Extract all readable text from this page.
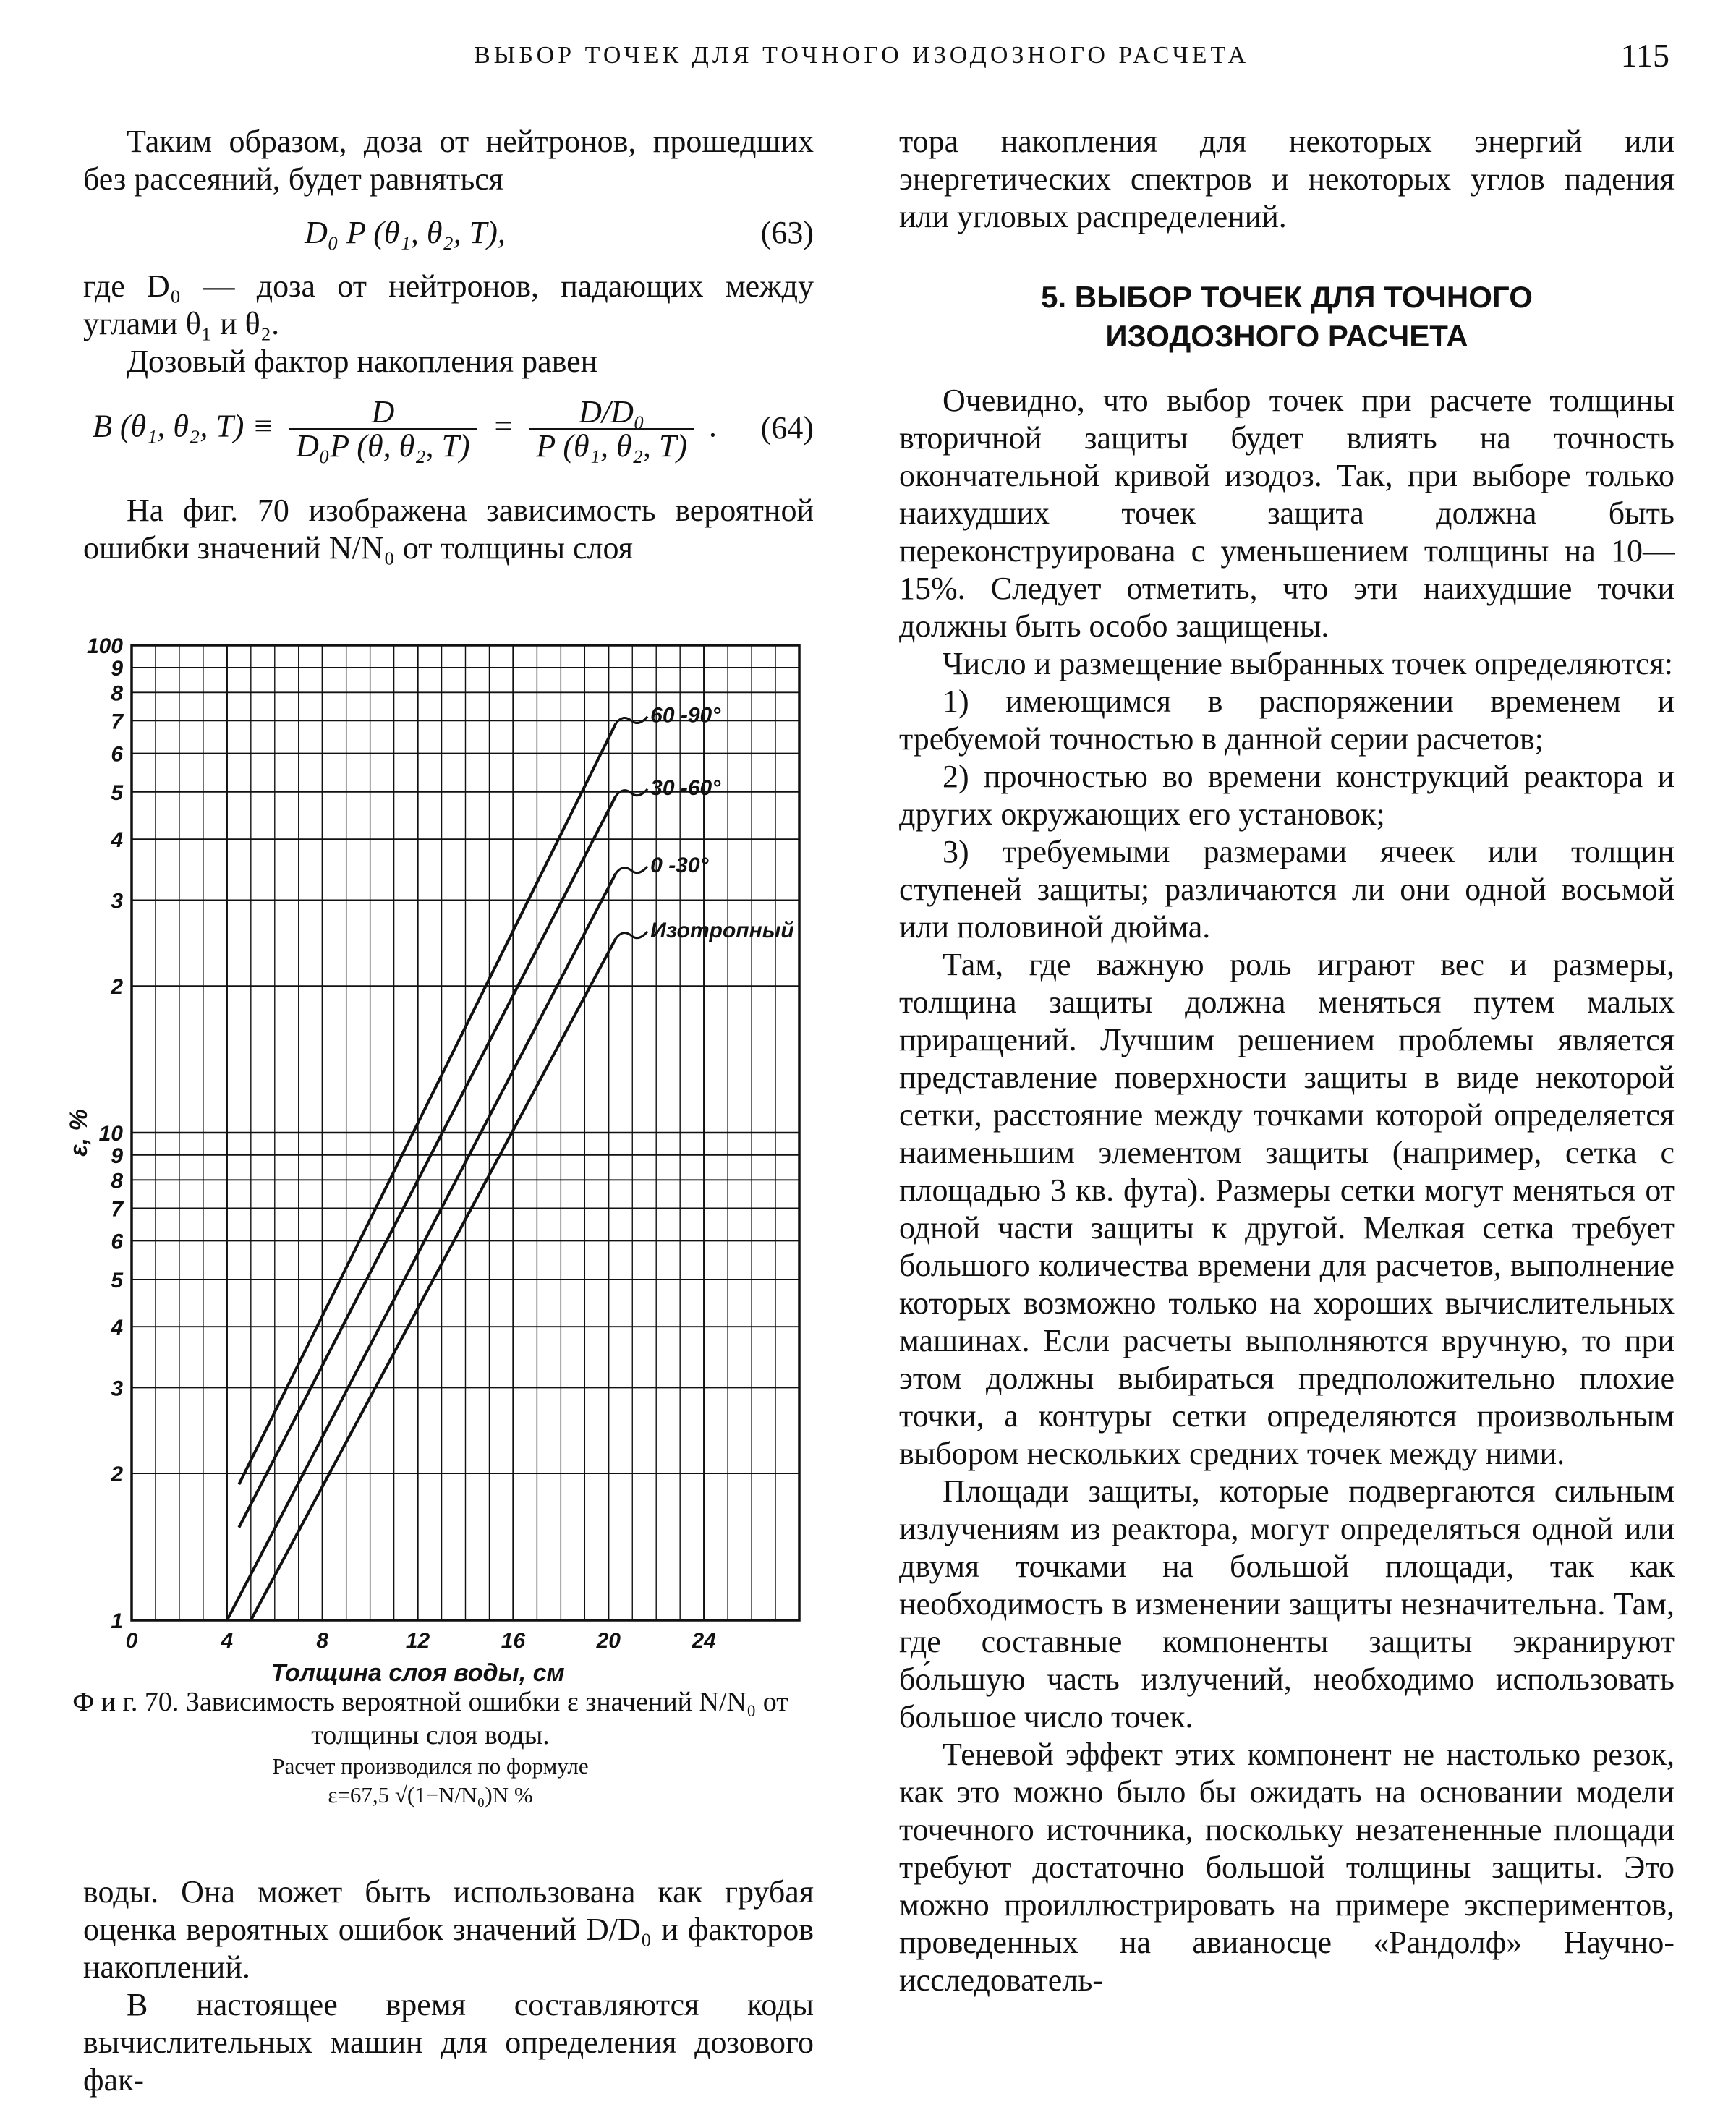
ВЫБОР ТОЧЕК ДЛЯ ТОЧНОГО ИЗОДОЗНОГО РАСЧЕТА	115

Таким образом, доза от нейтронов, прошедших без рассеяний, будет равняться

D₀ P (θ₁, θ₂, T),	(63)

где D₀ — доза от нейтронов, падающих между углами θ₁ и θ₂.

Дозовый фактор накопления равен

B (θ₁, θ₂, $T) \equiv \frac{D}{\text{D₀P (θ, θ₂, T)}} = \frac{\text{D/D₀}}{\text{P (θ₁, θ₂, T)}}$ . (64)

На фиг. 70 изображена зависимость вероятной ошибки значений N/N₀ от толщины слоя

1
2
3
4
5
6
7
8
9
10
2
3
4
5
6
7
8
9
100
0	4	8	12	16	20	24
Толщина слоя воды, см
ε, %
60 -90°
30 -60°
0 -30°
Изотропный

Ф и г. 70. Зависимость вероятной ошибки ε значений N/N₀ от толщины слоя воды.

Расчет производился по формуле

ε=67,5 √(1−N/N₀)N %

воды. Она может быть использована как грубая оценка вероятных ошибок значений D/D₀ и факторов накоплений.

В настоящее время составляются коды вычислительных машин для определения дозового фак-

тора накопления для некоторых энергий или энергетических спектров и некоторых углов падения или угловых распределений.

5. ВЫБОР ТОЧЕК ДЛЯ ТОЧНОГО

ИЗОДОЗНОГО РАСЧЕТА

Очевидно, что выбор точек при расчете толщины вторичной защиты будет влиять на точность окончательной кривой изодоз. Так, при выборе только наихудших точек защита должна быть переконструирована с уменьшением толщины на 10—15%. Следует отметить, что эти наихудшие точки должны быть особо защищены.

Число и размещение выбранных точек определяются:

1) имеющимся в распоряжении временем и требуемой точностью в данной серии расчетов;

2) прочностью во времени конструкций реактора и других окружающих его установок;

3) требуемыми размерами ячеек или толщин ступеней защиты; различаются ли они одной восьмой или половиной дюйма.

Там, где важную роль играют вес и размеры, толщина защиты должна меняться путем малых приращений. Лучшим решением проблемы является представление поверхности защиты в виде некоторой сетки, расстояние между точками которой определяется наименьшим элементом защиты (например, сетка с площадью 3 кв. фута). Размеры сетки могут меняться от одной части защиты к другой. Мелкая сетка требует большого количества времени для расчетов, выполнение которых возможно только на хороших вычислительных машинах. Если расчеты выполняются вручную, то при этом должны выбираться предположительно плохие точки, а контуры сетки определяются произвольным выбором нескольких средних точек между ними.

Площади защиты, которые подвергаются сильным излучениям из реактора, могут определяться одной или двумя точками на большой площади, так как необходимость в изменении защиты незначительна. Там, где составные компоненты защиты экранируют бо́льшую часть излучений, необходимо использовать большое число точек.

Теневой эффект этих компонент не настолько резок, как это можно было бы ожидать на основании модели точечного источника, поскольку незатененные площади требуют достаточно большой толщины защиты. Это можно проиллюстрировать на примере экспериментов, проведенных на авианосце «Рандолф» Научно-исследователь-
